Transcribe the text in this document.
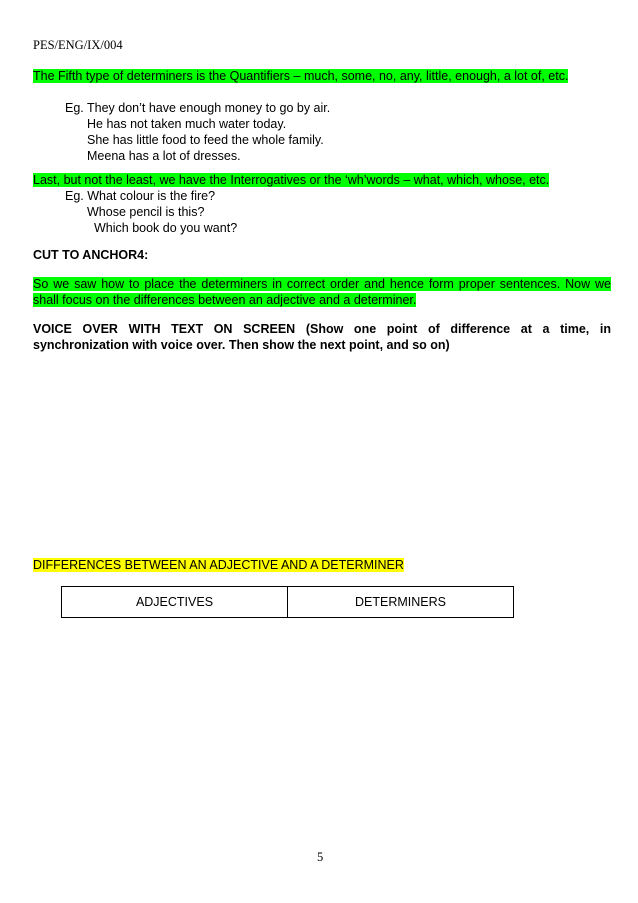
PES/ENG/IX/004
The Fifth type of determiners is the Quantifiers – much, some, no, any, little, enough, a lot of, etc.
Eg. They don’t have enough money to go by air.
He has not taken much water today.
She has little food to feed the whole family.
Meena has a lot of dresses.
Last, but not the least, we have the Interrogatives or the ‘wh’words – what, which, whose, etc.
Eg. What colour is the fire?
Whose pencil is this?
Which book do you want?
CUT TO ANCHOR4:
So we saw how to place the determiners in correct order and hence form proper sentences. Now we
shall focus on the differences between an adjective and a determiner.
VOICE OVER WITH TEXT ON SCREEN (Show one point of difference at a time, in
synchronization with voice over. Then show the next point, and so on)
DIFFERENCES BETWEEN AN ADJECTIVE AND A DETERMINER
ADJECTIVES	DETERMINERS
5
